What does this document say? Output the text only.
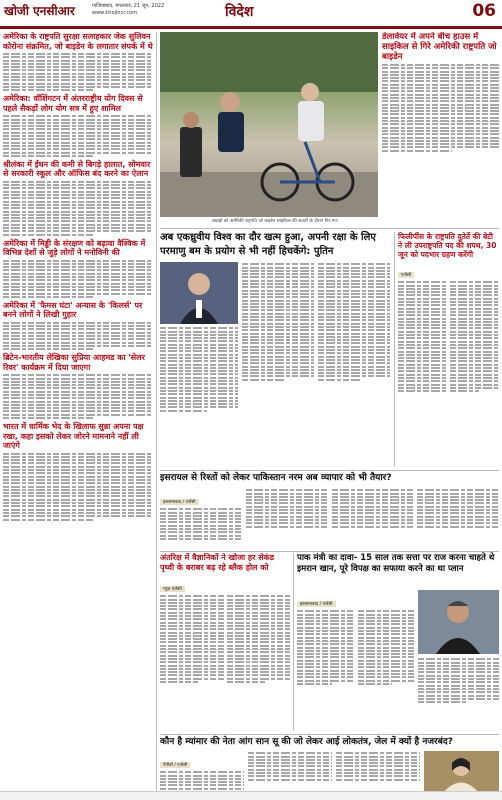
खोजी एनसीआर	गाजियाबाद, मंगलवार, 21 जून, 2022
www.khojincr.com	विदेश	06
अमेरिका के राष्ट्रपति सुरक्षा सलाहकार जेक सुलिवन कोरोना संक्रमित, जो बाइडेन के लगातार संपर्क में थे
अमेरिका: वॉशिंगटन में अंतरराष्ट्रीय योग दिवस से पहले सैकड़ों लोग योग सत्र में हुए शामिल
श्रीलंका में ईंधन की कमी से बिगड़े हालात, सोमवार से सरकारी स्कूल और ऑफिस बंद करने का ऐलान
अमेरिका में मिड्डी के संरक्षण को बढ़ावा वैश्विक में विभिन्न देशों से जुड़े लोगों ने मनोविनी की
अमेरिका में 'फैमस घंटा' अन्यास के 'किलर्स' पर बनने लोगों ने लिखी गुहार
ब्रिटेन-भारतीय लेखिका सुप्रिया आहमड का 'सेलर रिवर' कार्यक्रम में दिया जाएगा
भारत में धार्मिक भेद के खिलाफ सुन्ना अपना पक्ष रखा, कहा इसको लेकर जोरने मामनाने नहीं ली जाएंगे
उखाड़ो को अमेरिकी राष्ट्रपति जो बाइडेन साइकिल की सवारी के दौरान गिर गए।
डेलावेयर में अपने बीच हाउस में साइकिल से गिरे अमेरिकी राष्ट्रपति जो बाइडेन
अब एकध्रुवीय विश्व का दौर खत्म हुआ, अपनी रक्षा के लिए परमाणु बम के प्रयोग से भी नहीं हिचकेंगे: पुतिन
फिलीपींस के राष्ट्रपति दुतेर्ते की बेटी ने ली उपराष्ट्रपति पद की शपथ, 30 जून को पदभार ग्रहण करेंगी
एजेंसी
इसरायल से रिश्तों को लेकर पाकिस्तान नरम अब व्यापार को भी तैयार?
इस्लामाबाद / एजेंसी
अंतरिक्ष में वैज्ञानिकों ने खोजा हर सेकंड पृथ्वी के बराबर बढ़ रहे ब्लैक होल को
न्यूज़ एजेंसी
पाक मंत्री का दावा- 15 साल तक सत्ता पर राज करना चाहते थे इमरान खान, पूरे विपक्ष का सफाया करने का था प्लान
इस्लामाबाद / एजेंसी
कौन है म्यांमार की नेता आंग सान सू की जो लेकर आई लोकतंत्र, जेल में क्यों है नजरबंद?
नैपीडॉ / एजेंसी
